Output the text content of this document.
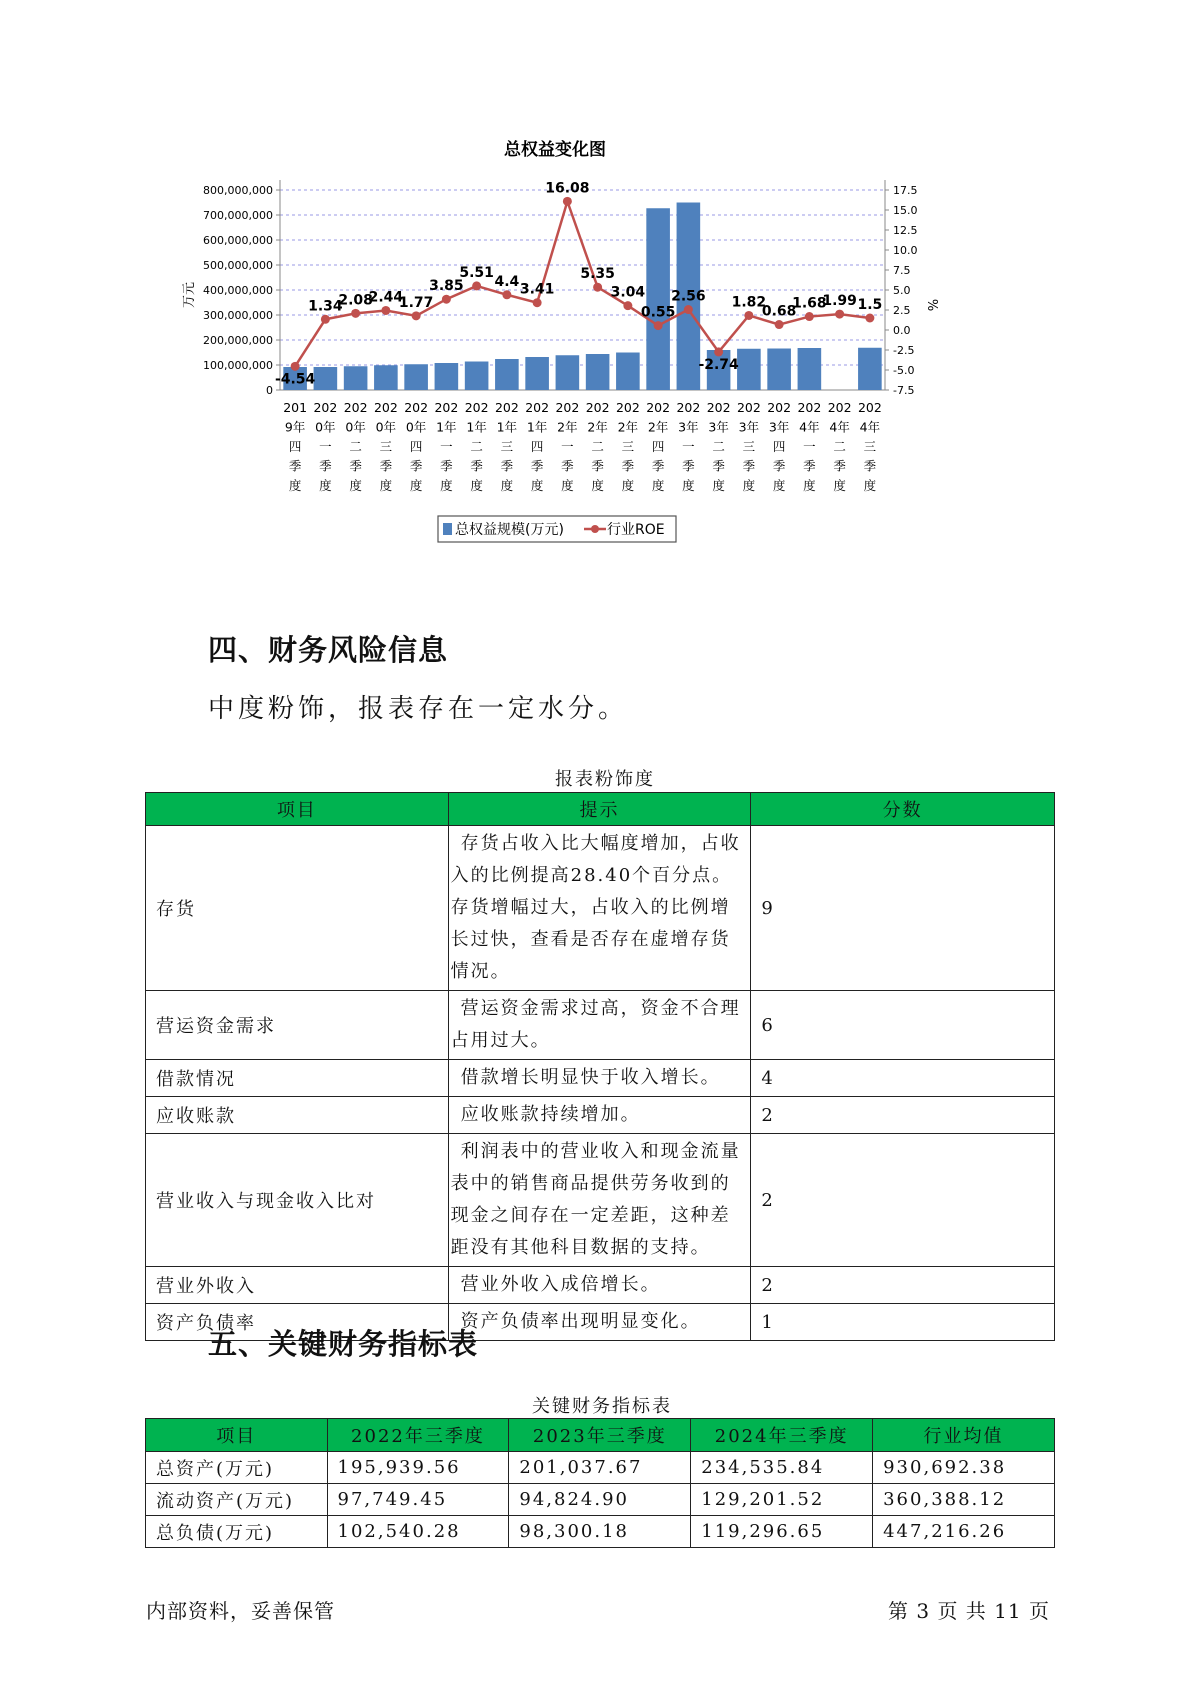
总权益变化图
0
100,000,000
200,000,000
300,000,000
400,000,000
500,000,000
600,000,000
700,000,000
800,000,000
-7.5
-5.0
-2.5
0.0
2.5
5.0
7.5
10.0
12.5
15.0
17.5
万元	%
201 9年四季度
202 0年一季度
202 0年二季度
202 0年三季度
202 0年四季度
202 1年一季度
202 1年二季度
202 1年三季度
202 1年四季度
202 2年一季度
202 2年二季度
202 2年三季度
202 2年四季度
202 3年一季度
202 3年二季度
202 3年三季度
202 3年四季度
202 4年一季度
202 4年二季度
202 4年三季度
-4.54
1.34
2.08
2.44
1.77
3.85
5.51
4.4 3.41
16.08
5.35
3.04
0.55
2.56
-2.74
1.82
0.68
1.68
1.99 1.5
总权益规模(万元)	行业ROE
四、财务风险信息

中度粉饰，报表存在一定水分。

报表粉饰度
项目	提示	分数
存货	存货占收入比大幅度增加，占收入的比例提高28.40个百分点。存货增幅过大，占收入的比例增长过快，查看是否存在虚增存货情况。	9
营运资金需求	营运资金需求过高，资金不合理占用过大。	6
借款情况	借款增长明显快于收入增长。	4
应收账款	应收账款持续增加。	2
营业收入与现金收入比对	利润表中的营业收入和现金流量表中的销售商品提供劳务收到的现金之间存在一定差距，这种差距没有其他科目数据的支持。	2
营业外收入	营业外收入成倍增长。	2
资产负债率	资产负债率出现明显变化。	1
五、关键财务指标表
关键财务指标表
项目	2022年三季度	2023年三季度	2024年三季度	行业均值
总资产(万元)	195,939.56	201,037.67	234,535.84	930,692.38
流动资产(万元)	97,749.45	94,824.90	129,201.52	360,388.12
总负债(万元)	102,540.28	98,300.18	119,296.65	447,216.26
内部资料，妥善保管	第 3 页 共 11 页
